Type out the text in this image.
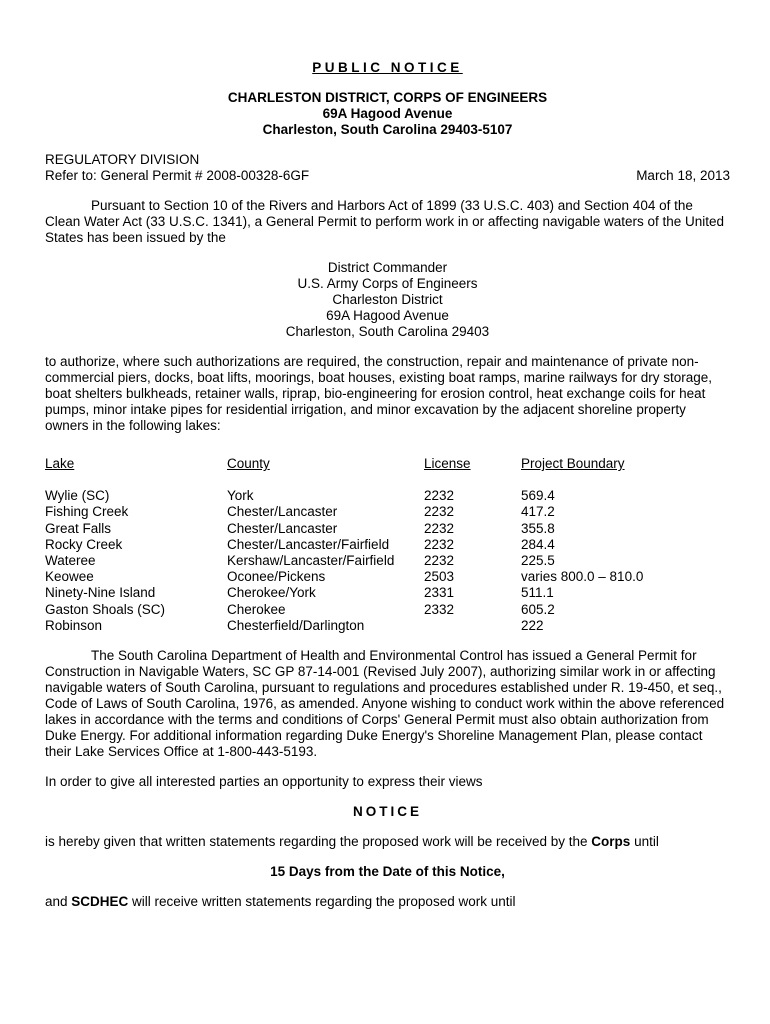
PUBLIC NOTICE
CHARLESTON DISTRICT, CORPS OF ENGINEERS
69A Hagood Avenue
Charleston, South Carolina 29403-5107
REGULATORY DIVISION
Refer to: General Permit # 2008-00328-6GF	March 18, 2013

Pursuant to Section 10 of the Rivers and Harbors Act of 1899 (33 U.S.C. 403) and Section 404 of the Clean Water Act (33 U.S.C. 1341), a General Permit to perform work in or affecting navigable waters of the United States has been issued by the

District Commander
U.S. Army Corps of Engineers
Charleston District
69A Hagood Avenue
Charleston, South Carolina 29403

to authorize, where such authorizations are required, the construction, repair and maintenance of private non-commercial piers, docks, boat lifts, moorings, boat houses, existing boat ramps, marine railways for dry storage, boat shelters bulkheads, retainer walls, riprap, bio-engineering for erosion control, heat exchange coils for heat pumps, minor intake pipes for residential irrigation, and minor excavation by the adjacent shoreline property owners in the following lakes:

Lake	County	License	Project Boundary
Wylie (SC)	York	2232	569.4
Fishing Creek	Chester/Lancaster	2232	417.2
Great Falls	Chester/Lancaster	2232	355.8
Rocky Creek	Chester/Lancaster/Fairfield	2232	284.4
Wateree	Kershaw/Lancaster/Fairfield	2232	225.5
Keowee	Oconee/Pickens	2503	varies 800.0 – 810.0
Ninety-Nine Island	Cherokee/York	2331	511.1
Gaston Shoals (SC)	Cherokee	2332	605.2
Robinson	Chesterfield/Darlington		222

The South Carolina Department of Health and Environmental Control has issued a General Permit for Construction in Navigable Waters, SC GP 87-14-001 (Revised July 2007), authorizing similar work in or affecting navigable waters of South Carolina, pursuant to regulations and procedures established under R. 19-450, et seq., Code of Laws of South Carolina, 1976, as amended. Anyone wishing to conduct work within the above referenced lakes in accordance with the terms and conditions of Corps' General Permit must also obtain authorization from Duke Energy. For additional information regarding Duke Energy's Shoreline Management Plan, please contact their Lake Services Office at 1-800-443-5193.

In order to give all interested parties an opportunity to express their views

NOTICE

is hereby given that written statements regarding the proposed work will be received by the Corps until

15 Days from the Date of this Notice,

and SCDHEC will receive written statements regarding the proposed work until
